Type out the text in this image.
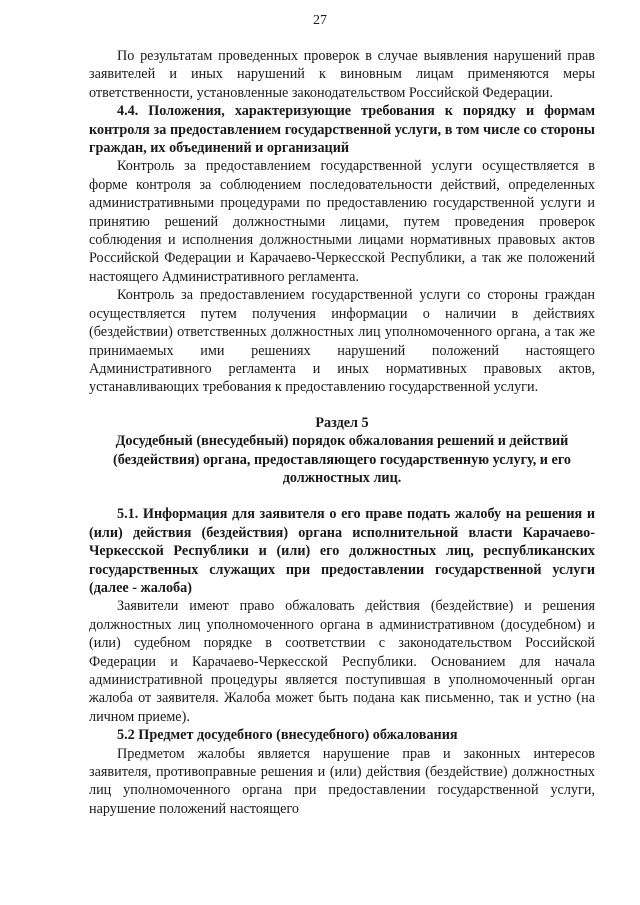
27

По результатам проведенных проверок в случае выявления нарушений прав заявителей и иных нарушений к виновным лицам применяются меры ответственности, установленные законодательством Российской Федерации.

4.4. Положения, характеризующие требования к порядку и формам контроля за предоставлением государственной услуги, в том числе со стороны граждан, их объединений и организаций

Контроль за предоставлением государственной услуги осуществляется в форме контроля за соблюдением последовательности действий, определенных административными процедурами по предоставлению государственной услуги и принятию решений должностными лицами, путем проведения проверок соблюдения и исполнения должностными лицами нормативных правовых актов Российской Федерации и Карачаево-Черкесской Республики, а так же положений настоящего Административного регламента.

Контроль за предоставлением государственной услуги со стороны граждан осуществляется путем получения информации о наличии в действиях (бездействии) ответственных должностных лиц уполномоченного органа, а так же принимаемых ими решениях нарушений положений настоящего Административного регламента и иных нормативных правовых актов, устанавливающих требования к предоставлению государственной услуги.

Раздел 5

Досудебный (внесудебный) порядок обжалования решений и действий (бездействия) органа, предоставляющего государственную услугу, и его должностных лиц.

5.1. Информация для заявителя о его праве подать жалобу на решения и (или) действия (бездействия) органа исполнительной власти Карачаево-Черкесской Республики и (или) его должностных лиц, республиканских государственных служащих при предоставлении государственной услуги (далее - жалоба)

Заявители имеют право обжаловать действия (бездействие) и решения должностных лиц уполномоченного органа в административном (досудебном) и (или) судебном порядке в соответствии с законодательством Российской Федерации и Карачаево-Черкесской Республики. Основанием для начала административной процедуры является поступившая в уполномоченный орган жалоба от заявителя. Жалоба может быть подана как письменно, так и устно (на личном приеме).

5.2 Предмет досудебного (внесудебного) обжалования

Предметом жалобы является нарушение прав и законных интересов заявителя, противоправные решения и (или) действия (бездействие) должностных лиц уполномоченного органа при предоставлении государственной услуги, нарушение положений настоящего
